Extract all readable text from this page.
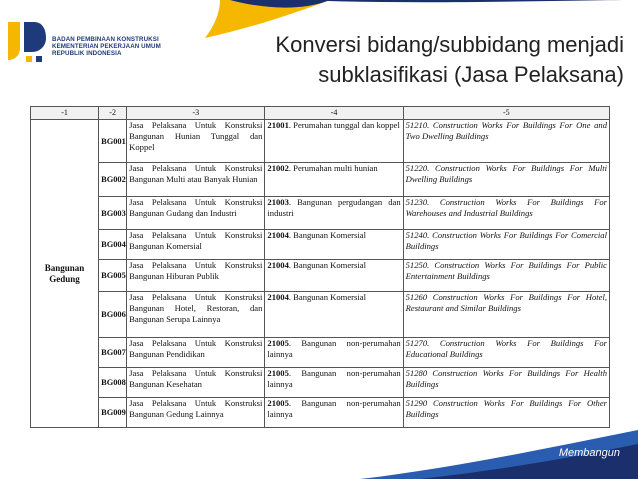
BADAN PEMBINAAN KONSTRUKSI
KEMENTERIAN PEKERJAAN UMUM
REPUBLIK INDONESIA	Konversi bidang/subbidang menjadi
subklasifikasi (Jasa Pelaksana)
-1	-2	-3	-4	-5
Bangunan Gedung	BG001	Jasa Pelaksana Untuk Konstruksi Bangunan Hunian Tunggal dan Koppel	21001. Perumahan tunggal dan koppel	51210. Construction Works For Buildings For One and Two Dwelling Buildings
	BG002	Jasa Pelaksana Untuk Konstruksi Bangunan Multi atau Banyak Hunian	21002. Perumahan multi hunian	51220. Construction Works For Buildings For Multi Dwelling Buildings
	BG003	Jasa Pelaksana Untuk Konstruksi Bangunan Gudang dan Industri	21003. Bangunan pergudangan dan industri	51230. Construction Works For Buildings For Warehouses and Industrial Buildings
	BG004	Jasa Pelaksana Untuk Konstruksi Bangunan Komersial	21004. Bangunan Komersial	51240. Construction Works For Buildings For Comercial Buildings
	BG005	Jasa Pelaksana Untuk Konstruksi Bangunan Hiburan Publik	21004. Bangunan Komersial	51250. Construction Works For Buildings For Public Entertainment Buildings
	BG006	Jasa Pelaksana Untuk Konstruksi Bangunan Hotel, Restoran, dan Bangunan Serupa Lainnya	21004. Bangunan Komersial	51260 Construction Works For Buildings For Hotel, Restaurant and Similar Buildings
	BG007	Jasa Pelaksana Untuk Konstruksi Bangunan Pendidikan	21005. Bangunan non-perumahan lainnya	51270. Construction Works For Buildings For Educational Buildings
	BG008	Jasa Pelaksana Untuk Konstruksi Bangunan Kesehatan	21005. Bangunan non-perumahan lainnya	51280 Construction Works For Buildings For Health Buildings
	BG009	Jasa Pelaksana Untuk Konstruksi Bangunan Gedung Lainnya	21005. Bangunan non-perumahan lainnya	51290 Construction Works For Buildings For Other Buildings
Membangun
